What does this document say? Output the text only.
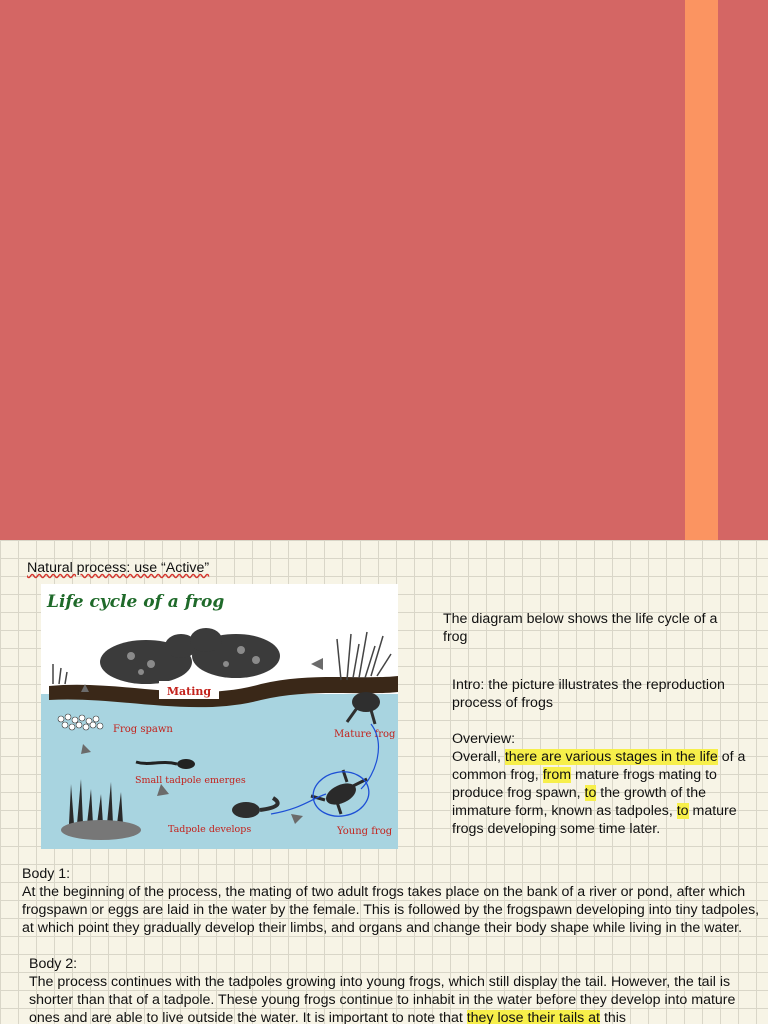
Natural process: use “Active”
Mating
Frog spawn
Small tadpole emerges
Tadpole develops	Young frog
Mature frog
Life cycle of a frog
The diagram below shows the life cycle of a frog
Intro: the picture illustrates the reproduction process of frogs
Overview:
Overall, there are various stages in the life of a common frog, from mature frogs mating to produce frog spawn, to the growth of the immature form, known as tadpoles, to mature frogs developing some time later.
Body 1:
At the beginning of the process, the mating of two adult frogs takes place on the bank of a river or pond, after which frogspawn or eggs are laid in the water by the female. This is followed by the frogspawn developing into tiny tadpoles, at which point they gradually develop their limbs, and organs and change their body shape while living in the water.
Body 2:
The process continues with the tadpoles growing into young frogs, which still display the tail. However, the tail is shorter than that of a tadpole. These young frogs continue to inhabit in the water before they develop into mature ones and are able to live outside the water. It is important to note that they lose their tails at this
